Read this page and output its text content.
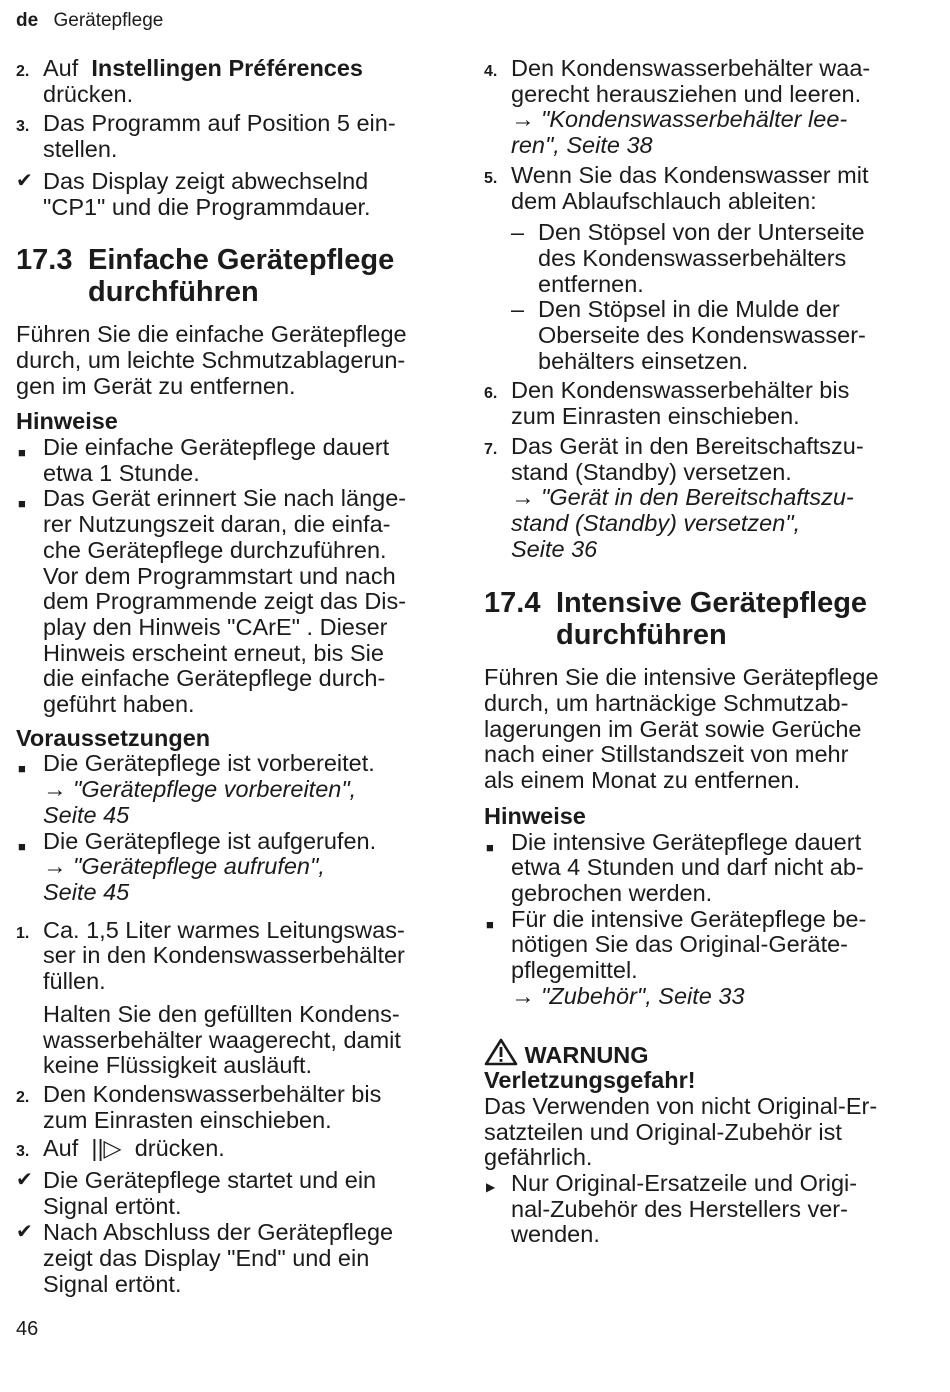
de Gerätepflege
2. Auf Instellingen Préférences
drücken.
3. Das Programm auf Position 5 ein-
stellen.
✔ Das Display zeigt abwechselnd
"CP1" und die Programmdauer.
17.3 Einfache Gerätepflege
durchführen
Führen Sie die einfache Gerätepflege
durch, um leichte Schmutzablagerun-
gen im Gerät zu entfernen.
Hinweise
■ Die einfache Gerätepflege dauert
etwa 1 Stunde.
■ Das Gerät erinnert Sie nach länge-
rer Nutzungszeit daran, die einfa-
che Gerätepflege durchzuführen.
Vor dem Programmstart und nach
dem Programmende zeigt das Dis-
play den Hinweis "CArE" . Dieser
Hinweis erscheint erneut, bis Sie
die einfache Gerätepflege durch-
geführt haben.
Voraussetzungen
■ Die Gerätepflege ist vorbereitet.
→ "Gerätepflege vorbereiten",
Seite 45
■ Die Gerätepflege ist aufgerufen.
→ "Gerätepflege aufrufen",
Seite 45
1. Ca. 1,5 Liter warmes Leitungswas-
ser in den Kondenswasserbehälter
füllen.
Halten Sie den gefüllten Kondens-
wasserbehälter waagerecht, damit
keine Flüssigkeit ausläuft.
2. Den Kondenswasserbehälter bis
zum Einrasten einschieben.
3. Auf ||▷ drücken.
✔ Die Gerätepflege startet und ein
Signal ertönt.
✔ Nach Abschluss der Gerätepflege
zeigt das Display "End" und ein
Signal ertönt.
4. Den Kondenswasserbehälter waa-
gerecht herausziehen und leeren.
→ "Kondenswasserbehälter lee-
ren", Seite 38
5. Wenn Sie das Kondenswasser mit
dem Ablaufschlauch ableiten:
– Den Stöpsel von der Unterseite
des Kondenswasserbehälters
entfernen.
– Den Stöpsel in die Mulde der
Oberseite des Kondenswasser-
behälters einsetzen.
6. Den Kondenswasserbehälter bis
zum Einrasten einschieben.
7. Das Gerät in den Bereitschaftszu-
stand (Standby) versetzen.
→ "Gerät in den Bereitschaftszu-
stand (Standby) versetzen",
Seite 36
17.4 Intensive Gerätepflege
durchführen
Führen Sie die intensive Gerätepflege
durch, um hartnäckige Schmutzab-
lagerungen im Gerät sowie Gerüche
nach einer Stillstandszeit von mehr
als einem Monat zu entfernen.
Hinweise
■ Die intensive Gerätepflege dauert
etwa 4 Stunden und darf nicht ab-
gebrochen werden.
■ Für die intensive Gerätepflege be-
nötigen Sie das Original-Geräte-
pflegemittel.
→ "Zubehör", Seite 33
WARNUNG
Verletzungsgefahr!
Das Verwenden von nicht Original-Er-
satzteilen und Original-Zubehör ist
gefährlich.
▶ Nur Original-Ersatzeile und Origi-
nal-Zubehör des Herstellers ver-
wenden.
46
